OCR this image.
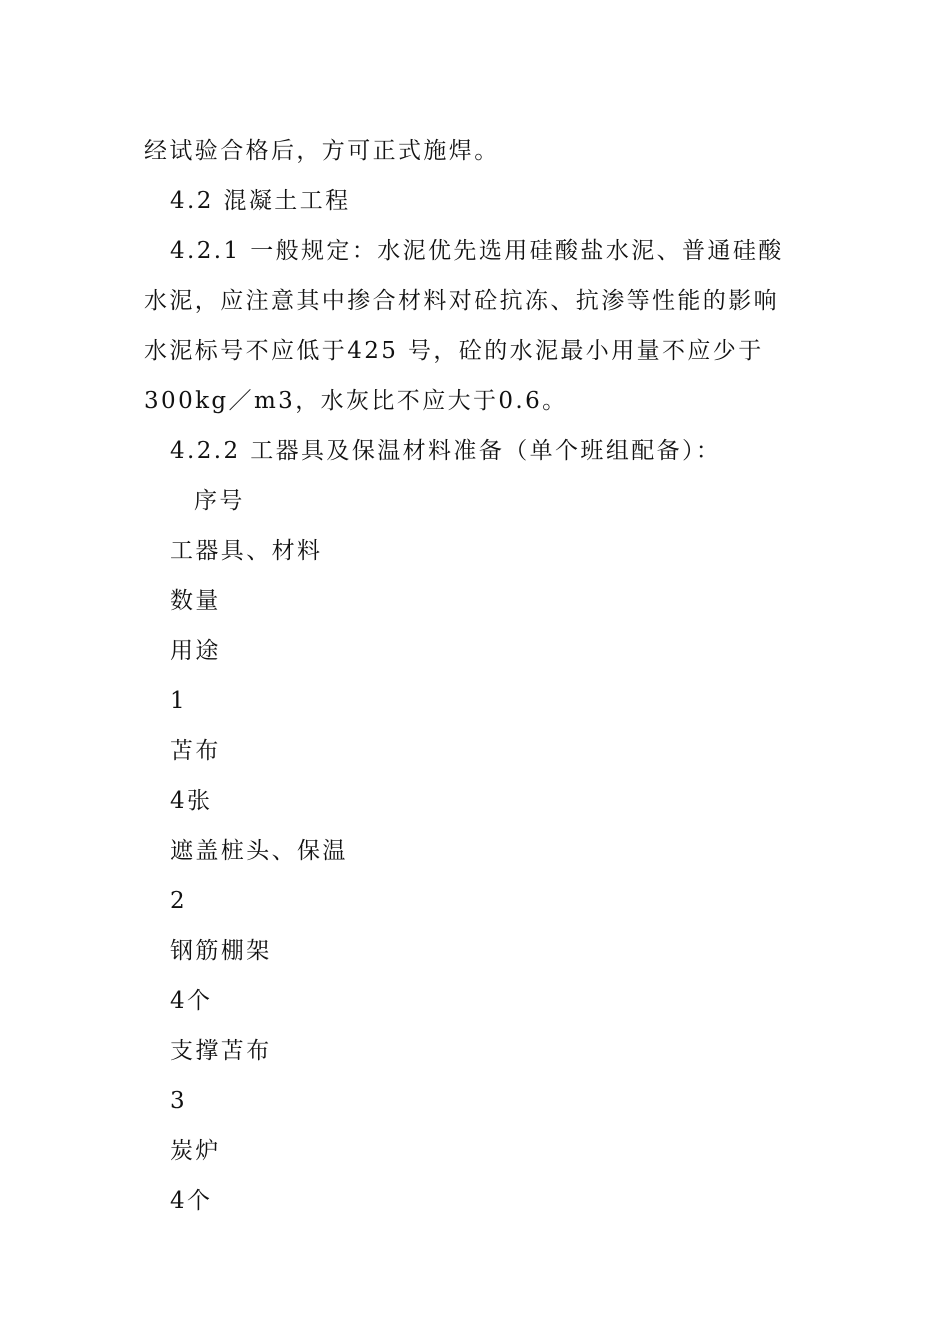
经试验合格后，方可正式施焊。
4.2 混凝土工程
4.2.1 一般规定：水泥优先选用硅酸盐水泥、普通硅酸
水泥，应注意其中掺合材料对砼抗冻、抗渗等性能的影响
水泥标号不应低于425 号，砼的水泥最小用量不应少于
300kg／m3，水灰比不应大于0.6。
4.2.2 工器具及保温材料准备（单个班组配备）：
序号
工器具、材料
数量
用途
1
苫布
4张
遮盖桩头、保温
2
钢筋棚架
4个
支撑苫布
3
炭炉
4个
